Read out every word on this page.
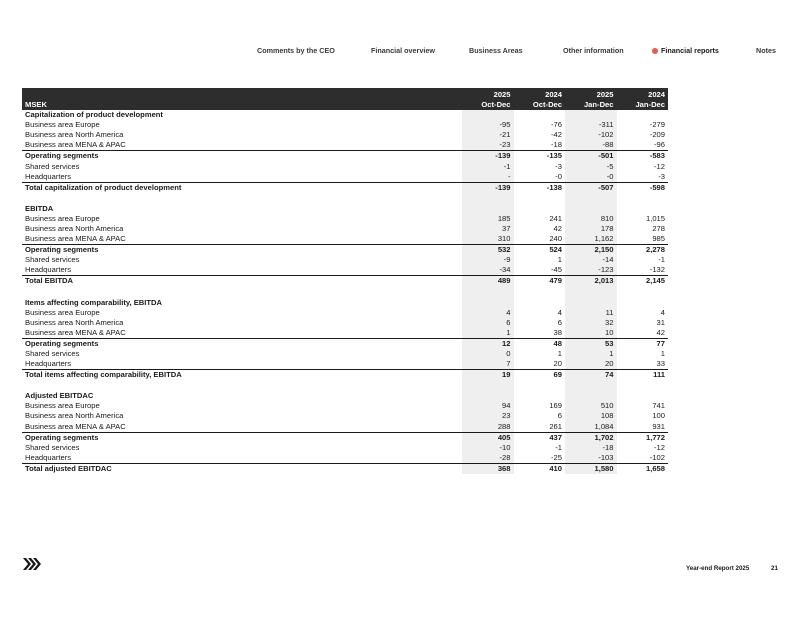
Comments by the CEO	Financial overview	Business Areas	Other information	Financial reports	Notes
	2025	2024	2025	2024
MSEK	Oct-Dec	Oct-Dec	Jan-Dec	Jan-Dec
Capitalization of product development				
Business area Europe	-95	-76	-311	-279
Business area North America	-21	-42	-102	-209
Business area MENA & APAC	-23	-18	-88	-96
Operating segments	-139	-135	-501	-583
Shared services	-1	-3	-5	-12
Headquarters	-	-0	-0	-3
Total capitalization of product development	-139	-138	-507	-598

EBITDA				
Business area Europe	185	241	810	1,015
Business area North America	37	42	178	278
Business area MENA & APAC	310	240	1,162	985
Operating segments	532	524	2,150	2,278
Shared services	-9	1	-14	-1
Headquarters	-34	-45	-123	-132
Total EBITDA	489	479	2,013	2,145

Items affecting comparability, EBITDA				
Business area Europe	4	4	11	4
Business area North America	6	6	32	31
Business area MENA & APAC	1	38	10	42
Operating segments	12	48	53	77
Shared services	0	1	1	1
Headquarters	7	20	20	33
Total items affecting comparability, EBITDA	19	69	74	111

Adjusted EBITDAC				
Business area Europe	94	169	510	741
Business area North America	23	6	108	100
Business area MENA & APAC	288	261	1,084	931
Operating segments	405	437	1,702	1,772
Shared services	-10	-1	-18	-12
Headquarters	-28	-25	-103	-102
Total adjusted EBITDAC	368	410	1,580	1,658
Year-end Report 2025	21
